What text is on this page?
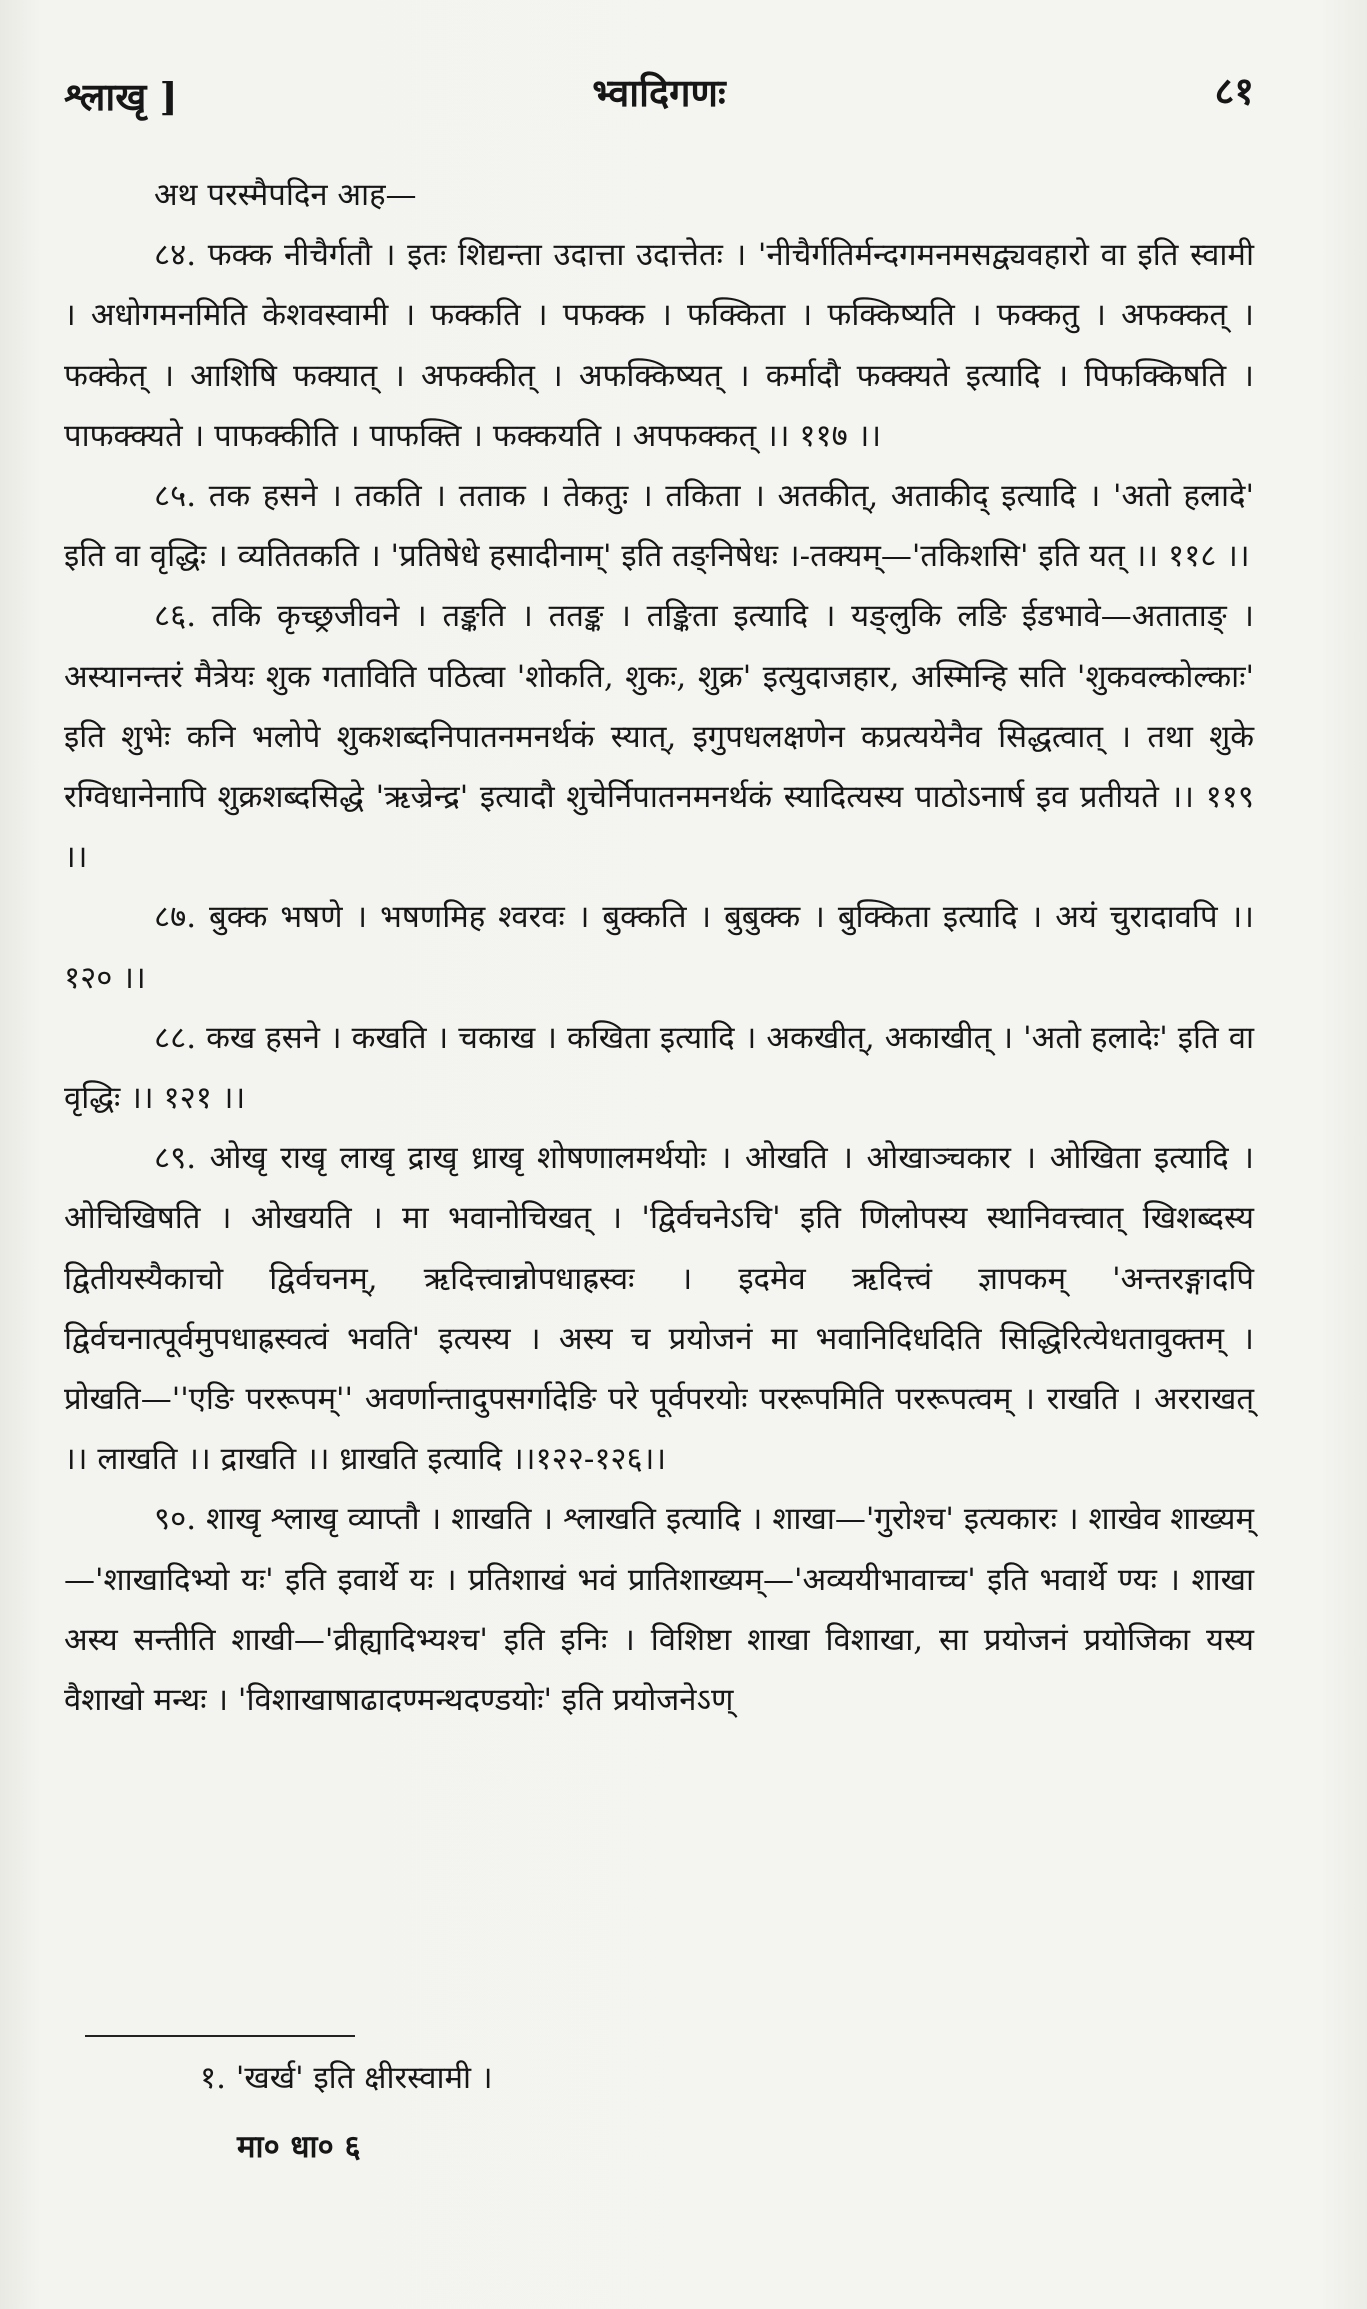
श्लाखृ ]	भ्वादिगणः	८१
अथ परस्मैपदिन आह—

८४. फक्क नीचैर्गतौ । इतः शिद्यन्ता उदात्ता उदात्तेतः । 'नीचैर्गतिर्मन्दगमनमसद्व्यवहारो वा इति स्वामी । अधोगमनमिति केशवस्वामी । फक्कति । पफक्क । फक्किता । फक्किष्यति । फक्कतु । अफक्कत् । फक्केत् । आशिषि फक्यात् । अफक्कीत् । अफक्किष्यत् । कर्मादौ फक्क्यते इत्यादि । पिफक्किषति । पाफक्क्यते । पाफक्कीति । पाफक्ति । फक्कयति । अपफक्कत् ।। ११७ ।।

८५. तक हसने । तकति । तताक । तेकतुः । तकिता । अतकीत्, अताकीद् इत्यादि । 'अतो हलादे' इति वा वृद्धिः । व्यतितकति । 'प्रतिषेधे हसादीनाम्' इति तङ्निषेधः ।-तक्यम्—'तकिशसि' इति यत् ।। ११८ ।।

८६. तकि कृच्छ्रजीवने । तङ्कति । ततङ्क । तङ्किता इत्यादि । यङ्लुकि लङि ईडभावे—अताताङ् । अस्यानन्तरं मैत्रेयः शुक गताविति पठित्वा 'शोकति, शुकः, शुक्र' इत्युदाजहार, अस्मिन्हि सति 'शुकवल्कोल्काः' इति शुभेः कनि भलोपे शुकशब्दनिपातनमनर्थकं स्यात्, इगुपधलक्षणेन कप्रत्ययेनैव सिद्धत्वात् । तथा शुके रग्विधानेनापि शुक्रशब्दसिद्धे 'ऋज्रेन्द्र' इत्यादौ शुचेर्निपातनमनर्थकं स्यादित्यस्य पाठोऽनार्ष इव प्रतीयते ।। ११९ ।।

८७. बुक्क भषणे । भषणमिह श्वरवः । बुक्कति । बुबुक्क । बुक्किता इत्यादि । अयं चुरादावपि ।। १२० ।।

८८. कख हसने । कखति । चकाख । कखिता इत्यादि । अकखीत्, अकाखीत् । 'अतो हलादेः' इति वा वृद्धिः ।। १२१ ।।

८९. ओखृ राखृ लाखृ द्राखृ ध्राखृ शोषणालमर्थयोः । ओखति । ओखाञ्चकार । ओखिता इत्यादि । ओचिखिषति । ओखयति । मा भवानोचिखत् । 'द्विर्वचनेऽचि' इति णिलोपस्य स्थानिवत्त्वात् खिशब्दस्य द्वितीयस्यैकाचो द्विर्वचनम्, ऋदित्त्वान्नोपधाह्रस्वः । इदमेव ऋदित्त्वं ज्ञापकम् 'अन्तरङ्गादपि द्विर्वचनात्पूर्वमुपधाह्रस्वत्वं भवति' इत्यस्य । अस्य च प्रयोजनं मा भवानिदिधदिति सिद्धिरित्येधतावुक्तम् । प्रोखति—''एङि पररूपम्'' अवर्णान्तादुपसर्गादेङि परे पूर्वपरयोः पररूपमिति पररूपत्वम् । राखति । अरराखत् ।। लाखति ।। द्राखति ।। ध्राखति इत्यादि ।।१२२-१२६।।

९०. शाखृ श्लाखृ व्याप्तौ । शाखति । श्लाखति इत्यादि । शाखा—'गुरोश्च' इत्यकारः । शाखेव शाख्यम्—'शाखादिभ्यो यः' इति इवार्थे यः । प्रतिशाखं भवं प्रातिशाख्यम्—'अव्ययीभावाच्च' इति भवार्थे ण्यः । शाखा अस्य सन्तीति शाखी—'व्रीह्यादिभ्यश्च' इति इनिः । विशिष्टा शाखा विशाखा, सा प्रयोजनं प्रयोजिका यस्य वैशाखो मन्थः । 'विशाखाषाढादण्मन्थदण्डयोः' इति प्रयोजनेऽण्

१. 'खर्ख' इति क्षीरस्वामी ।
मा० धा० ६
